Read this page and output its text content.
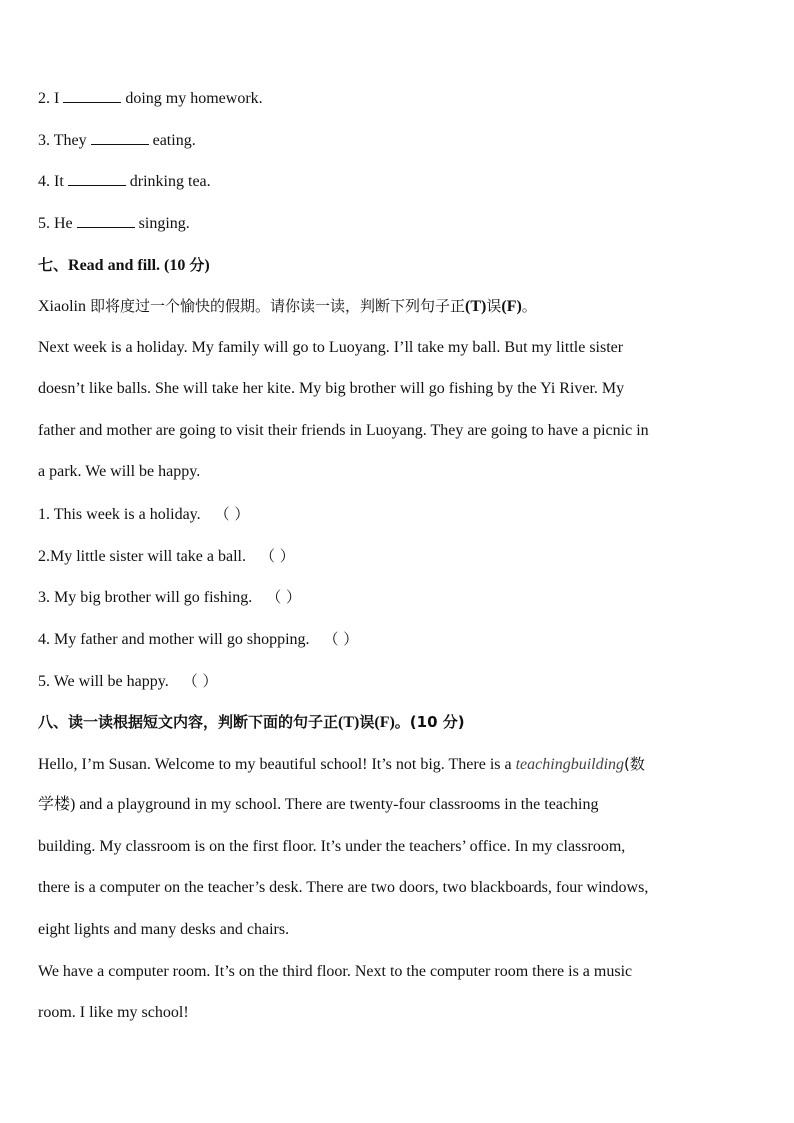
2. I	doing my homework.
3. They	eating.
4. It	drinking tea.
5. He	singing.
七、Read and fill. (10 分)
Xiaolin 即将度过一个愉快的假期。请你读一读，判断下列句子正(T)误(F)。
Next week is a holiday. My family will go to Luoyang. I’ll take my ball. But my little sister
doesn’t like balls. She will take her kite. My big brother will go fishing by the Yi River. My
father and mother are going to visit their friends in Luoyang. They are going to have a picnic in
a park. We will be happy.
1. This week is a holiday. （ ）
2.My little sister will take a ball. （ ）
3. My big brother will go fishing. （ ）
4. My father and mother will go shopping. （ ）
5. We will be happy. （ ）
八、读一读根据短文内容，判断下面的句子正(T)误(F)。(10 分)
Hello, I’m Susan. Welcome to my beautiful school! It’s not big. There is a teachingbuilding(数
学楼) and a playground in my school. There are twenty-four classrooms in the teaching
building. My classroom is on the first floor. It’s under the teachers’ office. In my classroom,
there is a computer on the teacher’s desk. There are two doors, two blackboards, four windows,
eight lights and many desks and chairs.
We have a computer room. It’s on the third floor. Next to the computer room there is a music
room. I like my school!
